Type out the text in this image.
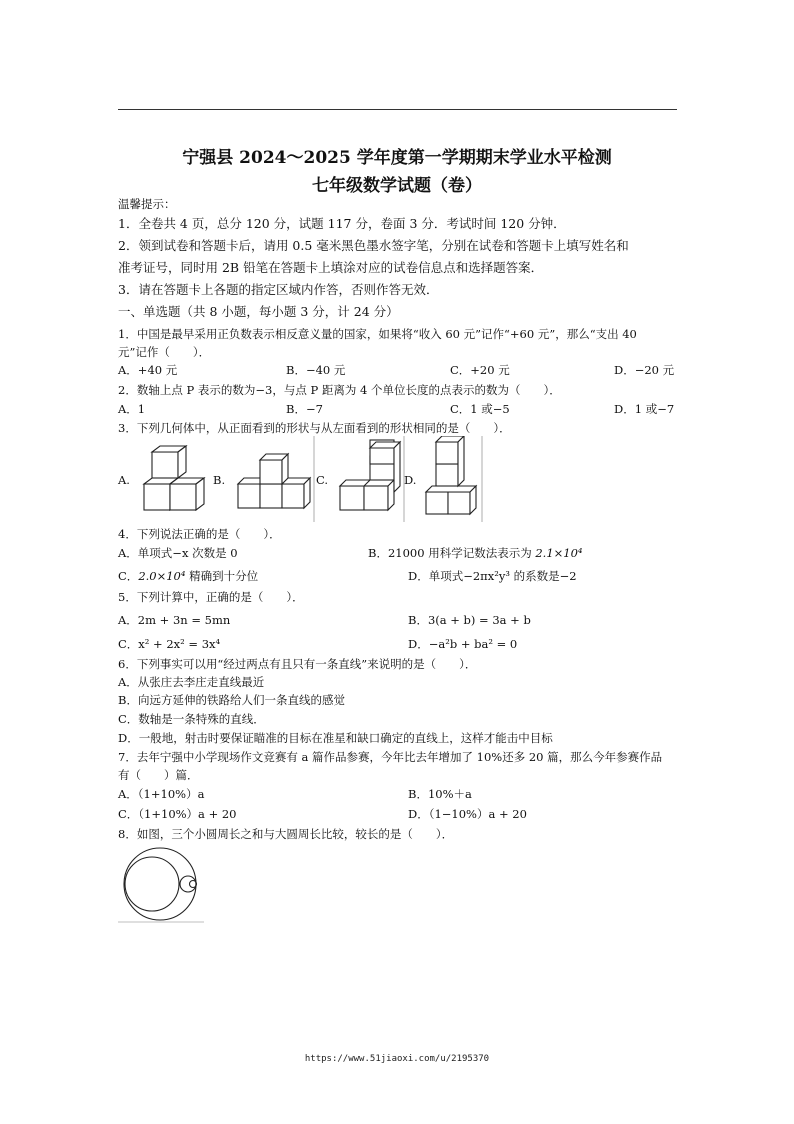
宁强县 2024～2025 学年度第一学期期末学业水平检测
七年级数学试题（卷）
温馨提示：
1．全卷共 4 页，总分 120 分，试题 117 分，卷面 3 分．考试时间 120 分钟．
2．领到试卷和答题卡后，请用 0.5 毫米黑色墨水签字笔，分别在试卷和答题卡上填写姓名和
准考证号，同时用 2B 铅笔在答题卡上填涂对应的试卷信息点和选择题答案．
3．请在答题卡上各题的指定区域内作答，否则作答无效．
一、单选题（共 8 小题，每小题 3 分，计 24 分）
1．中国是最早采用正负数表示相反意义量的国家，如果将“收入 60 元”记作“+60 元”，那么“支出 40
元”记作（　　）．
A．+40 元	B．−40 元	C．+20 元	D．−20 元
2．数轴上点 P 表示的数为−3，与点 P 距离为 4 个单位长度的点表示的数为（　　）．
A．1	B．−7	C．1 或−5	D．1 或−7
3．下列几何体中，从正面看到的形状与从左面看到的形状相同的是（　　）．
A.	B.	C.	D.
4．下列说法正确的是（　　）．
A．单项式−x 次数是 0	B．21000 用科学记数法表示为 2.1×10⁴
C．2.0×10⁴ 精确到十分位	D．单项式−2πx²y³ 的系数是−2
5．下列计算中，正确的是（　　）．
A．2m + 3n = 5mn	B．3(a + b) = 3a + b
C．x² + 2x² = 3x⁴	D．−a²b + ba² = 0
6．下列事实可以用“经过两点有且只有一条直线”来说明的是（　　）．
A．从张庄去李庄走直线最近
B．向远方延伸的铁路给人们一条直线的感觉
C．数轴是一条特殊的直线．
D．一般地，射击时要保证瞄准的目标在准星和缺口确定的直线上，这样才能击中目标
7．去年宁强中小学现场作文竞赛有 a 篇作品参赛，今年比去年增加了 10%还多 20 篇，那么今年参赛作品
有（　　）篇．
A．（1+10%）a	B．10%＋a
C．（1+10%）a + 20	D．（1−10%）a + 20
8．如图，三个小圆周长之和与大圆周长比较，较长的是（　　）．
https://www.51jiaoxi.com/u/2195370
